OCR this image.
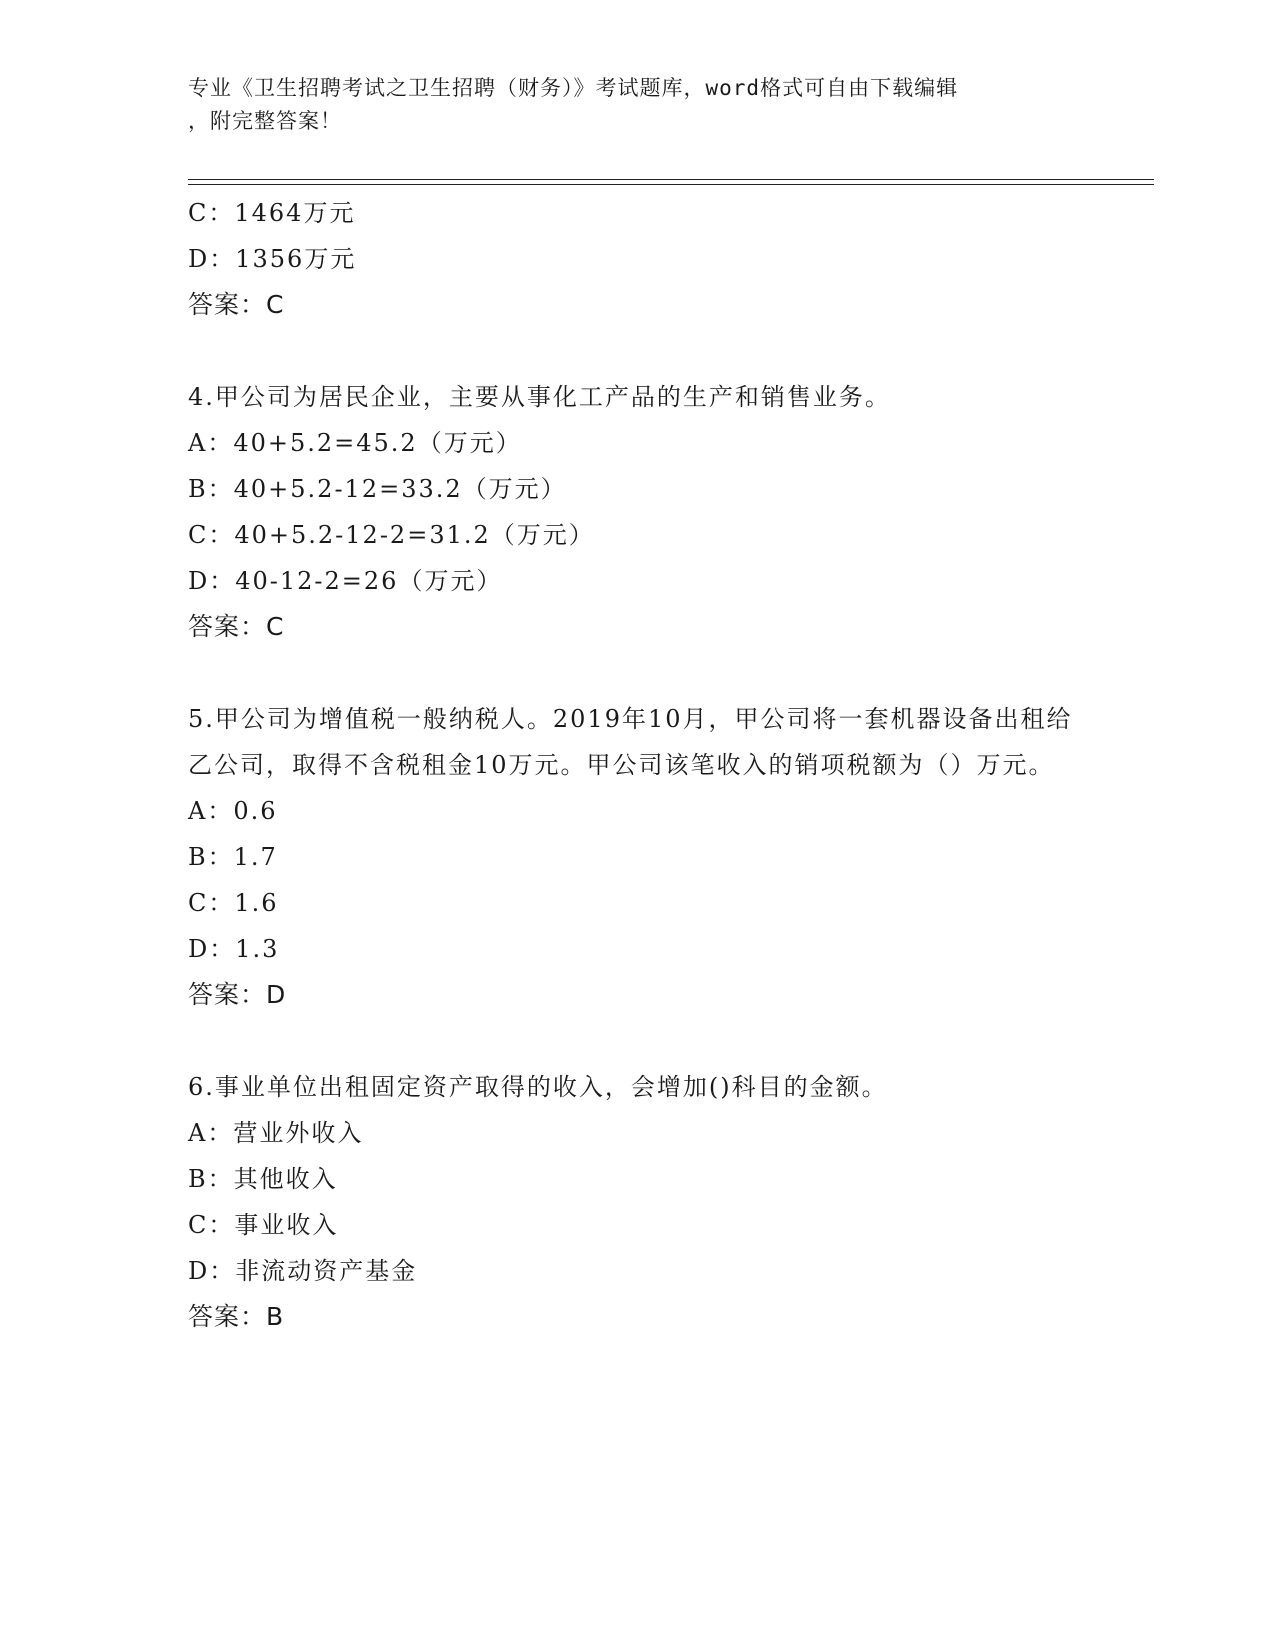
专业《卫生招聘考试之卫生招聘（财务）》考试题库，word格式可自由下载编辑
，附完整答案！
C：1464万元
D：1356万元
答案：C
4.甲公司为居民企业，主要从事化工产品的生产和销售业务。
A：40+5.2=45.2（万元）
B：40+5.2-12=33.2（万元）
C：40+5.2-12-2=31.2（万元）
D：40-12-2=26（万元）
答案：C
5.甲公司为增值税一般纳税人。2019年10月，甲公司将一套机器设备出租给乙公司，取得不含税租金10万元。甲公司该笔收入的销项税额为（）万元。
A：0.6
B：1.7
C：1.6
D：1.3
答案：D
6.事业单位出租固定资产取得的收入，会增加()科目的金额。
A：营业外收入
B：其他收入
C：事业收入
D：非流动资产基金
答案：B
